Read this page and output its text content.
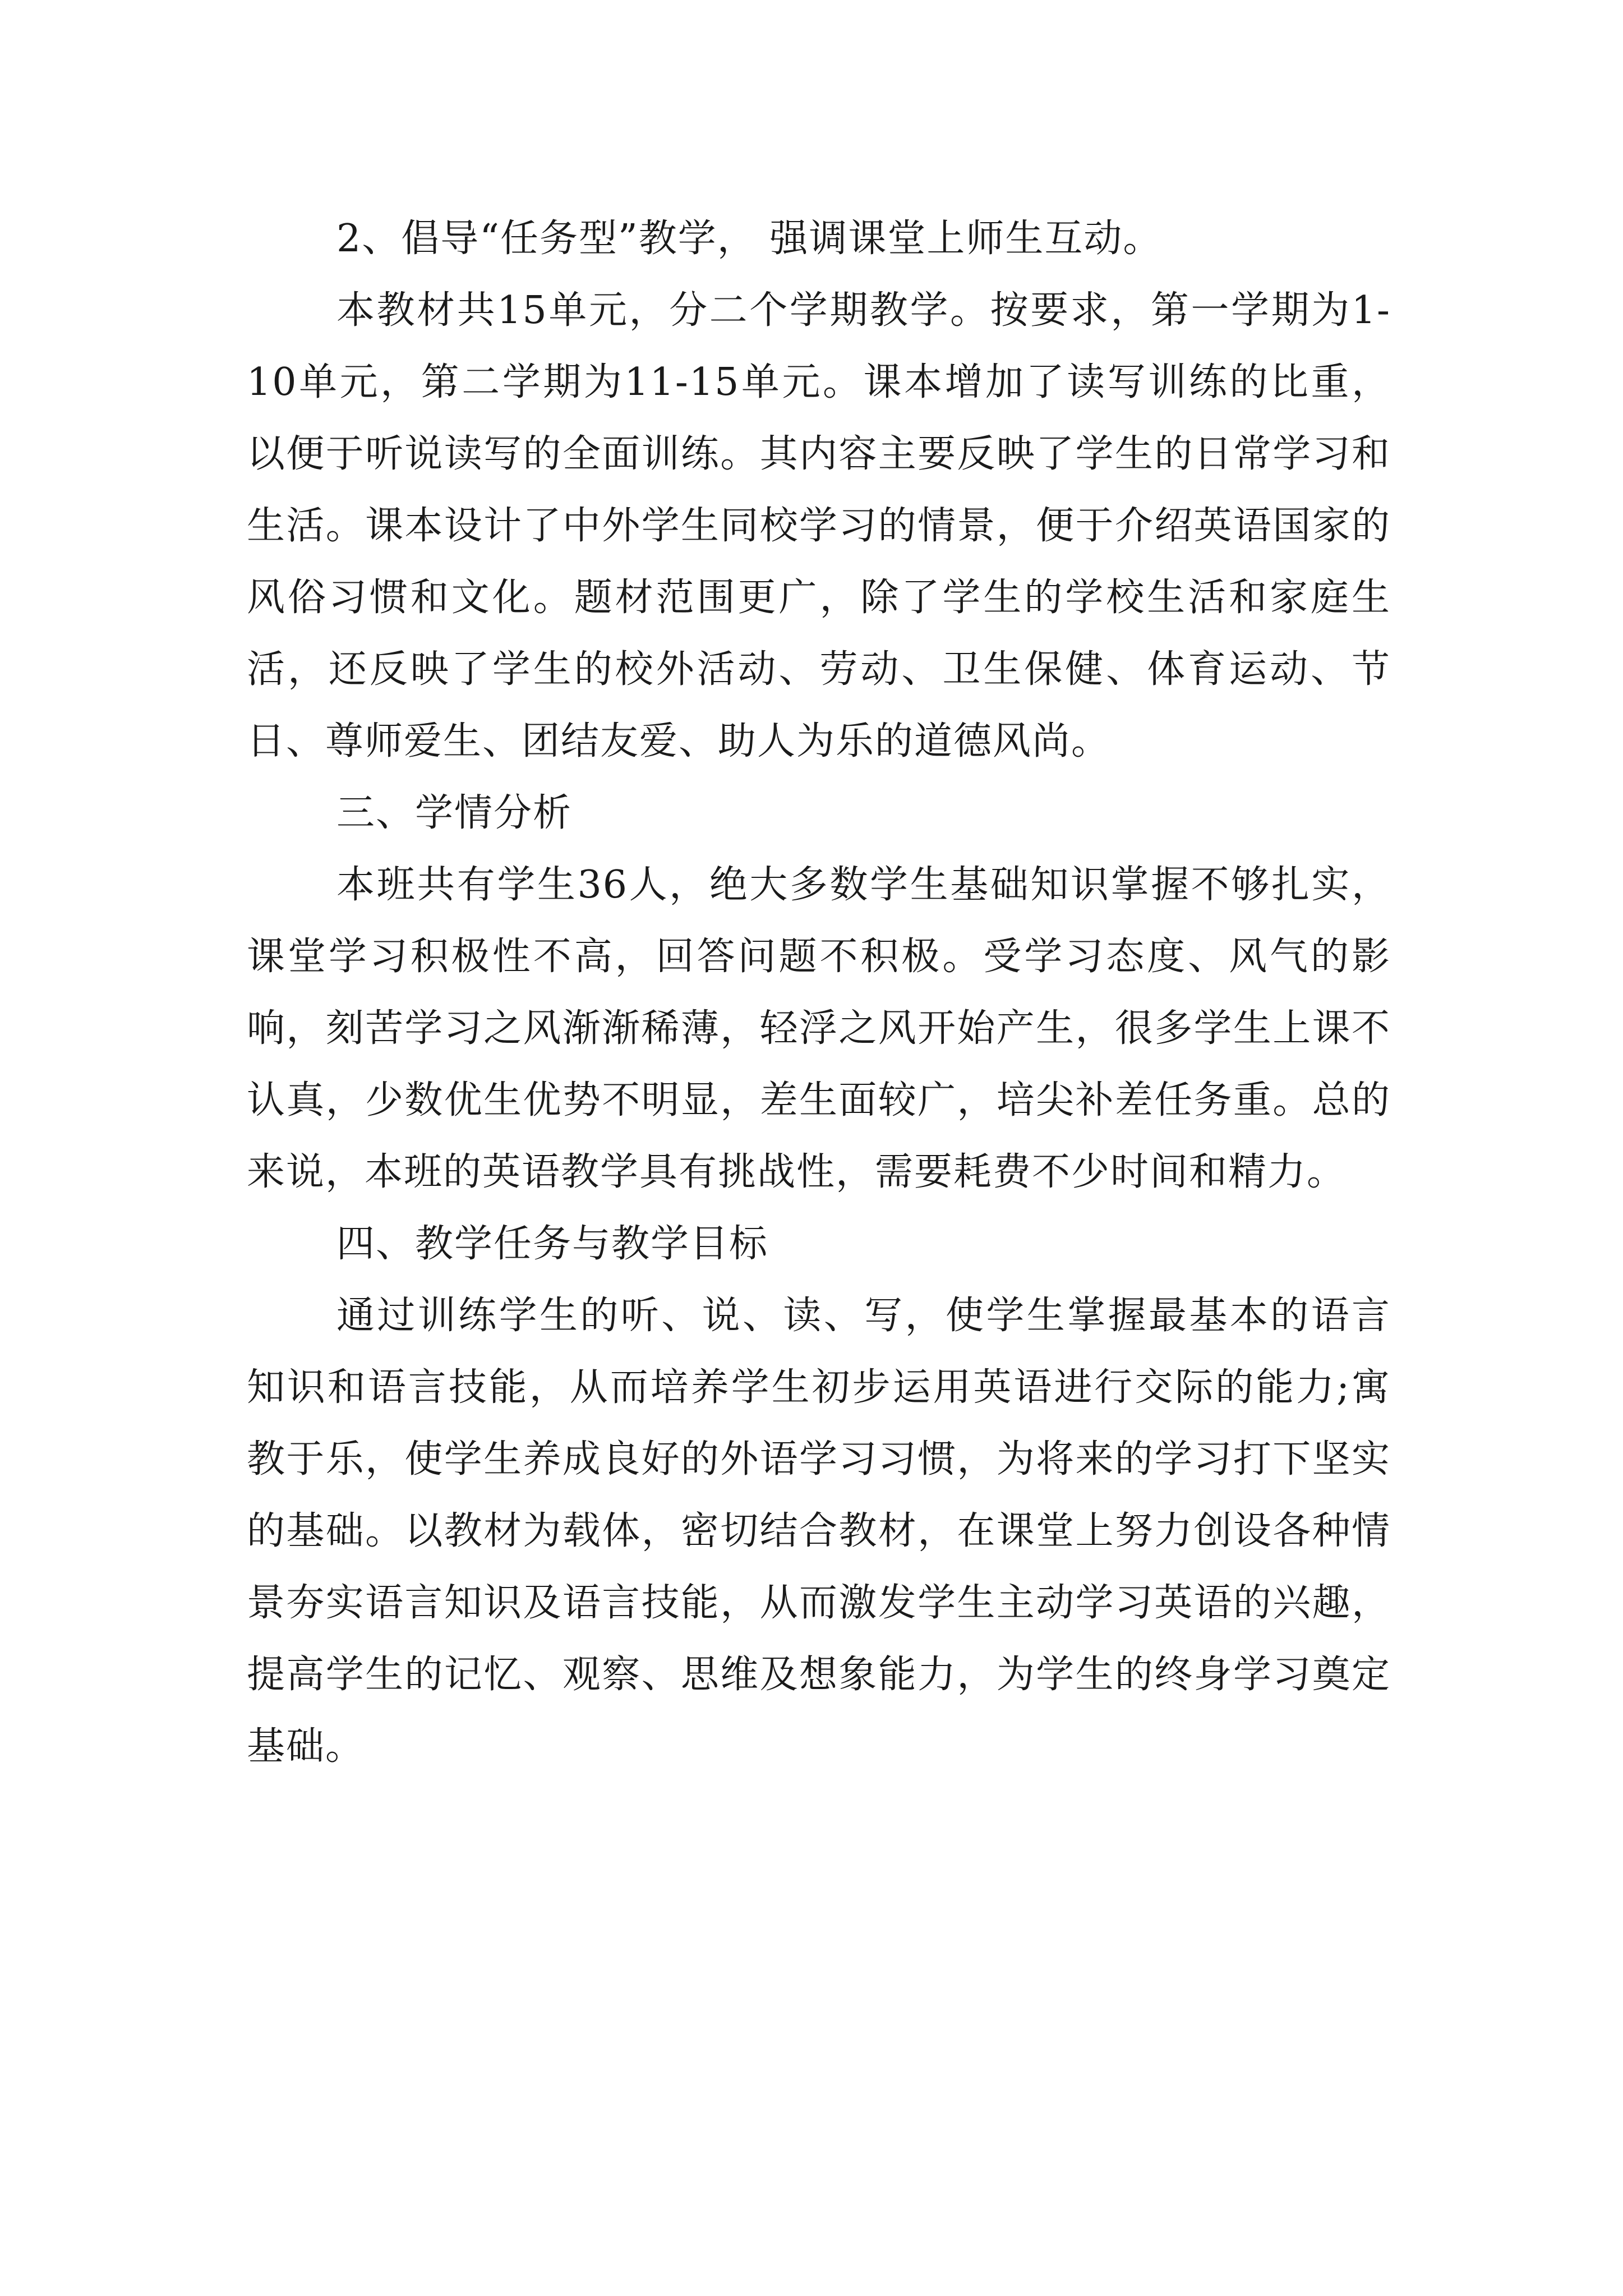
2、倡导“任务型”教学， 强调课堂上师生互动。

本教材共15单元，分二个学期教学。按要求，第一学期为1-10单元，第二学期为11-15单元。课本增加了读写训练的比重，以便于听说读写的全面训练。其内容主要反映了学生的日常学习和生活。课本设计了中外学生同校学习的情景，便于介绍英语国家的风俗习惯和文化。题材范围更广，除了学生的学校生活和家庭生活，还反映了学生的校外活动、劳动、卫生保健、体育运动、节日、尊师爱生、团结友爱、助人为乐的道德风尚。

三、学情分析

本班共有学生36人，绝大多数学生基础知识掌握不够扎实，课堂学习积极性不高，回答问题不积极。受学习态度、风气的影响，刻苦学习之风渐渐稀薄，轻浮之风开始产生，很多学生上课不认真，少数优生优势不明显，差生面较广，培尖补差任务重。总的来说，本班的英语教学具有挑战性，需要耗费不少时间和精力。

四、教学任务与教学目标

通过训练学生的听、说、读、写，使学生掌握最基本的语言知识和语言技能，从而培养学生初步运用英语进行交际的能力;寓教于乐，使学生养成良好的外语学习习惯，为将来的学习打下坚实的基础。以教材为载体，密切结合教材，在课堂上努力创设各种情景夯实语言知识及语言技能，从而激发学生主动学习英语的兴趣，提高学生的记忆、观察、思维及想象能力，为学生的终身学习奠定基础。
